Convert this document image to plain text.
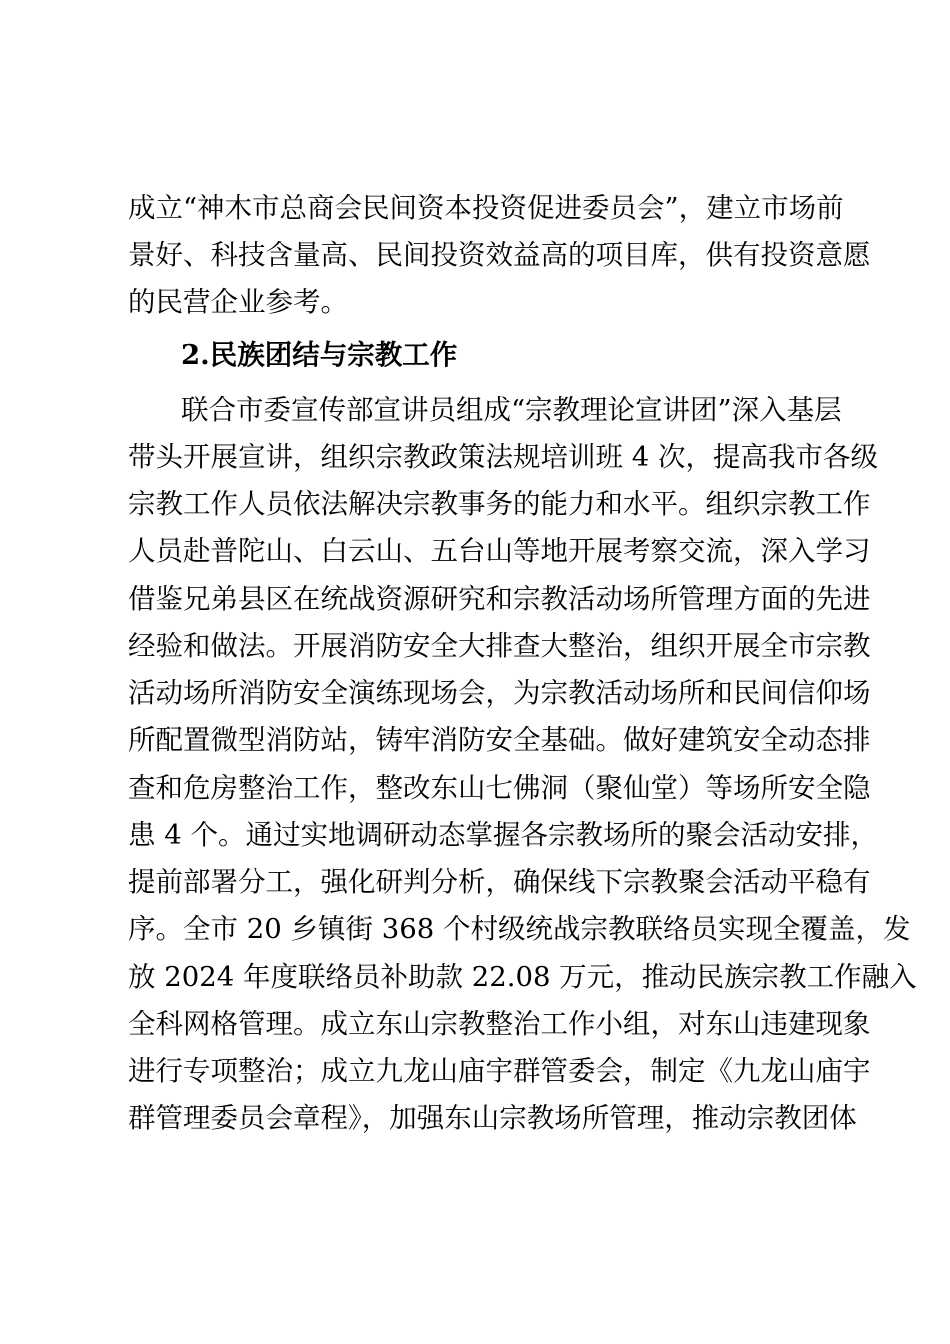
成立“神木市总商会民间资本投资促进委员会”，建立市场前
景好、科技含量高、民间投资效益高的项目库，供有投资意愿
的民营企业参考。
2.民族团结与宗教工作
联合市委宣传部宣讲员组成“宗教理论宣讲团”深入基层
带头开展宣讲，组织宗教政策法规培训班 4 次，提高我市各级
宗教工作人员依法解决宗教事务的能力和水平。组织宗教工作
人员赴普陀山、白云山、五台山等地开展考察交流，深入学习
借鉴兄弟县区在统战资源研究和宗教活动场所管理方面的先进
经验和做法。开展消防安全大排查大整治，组织开展全市宗教
活动场所消防安全演练现场会，为宗教活动场所和民间信仰场
所配置微型消防站，铸牢消防安全基础。做好建筑安全动态排
查和危房整治工作，整改东山七佛洞（聚仙堂）等场所安全隐
患 4 个。通过实地调研动态掌握各宗教场所的聚会活动安排，
提前部署分工，强化研判分析，确保线下宗教聚会活动平稳有
序。全市 20 乡镇街 368 个村级统战宗教联络员实现全覆盖，发
放 2024 年度联络员补助款 22.08 万元，推动民族宗教工作融入
全科网格管理。成立东山宗教整治工作小组，对东山违建现象
进行专项整治；成立九龙山庙宇群管委会，制定《九龙山庙宇
群管理委员会章程》，加强东山宗教场所管理，推动宗教团体
